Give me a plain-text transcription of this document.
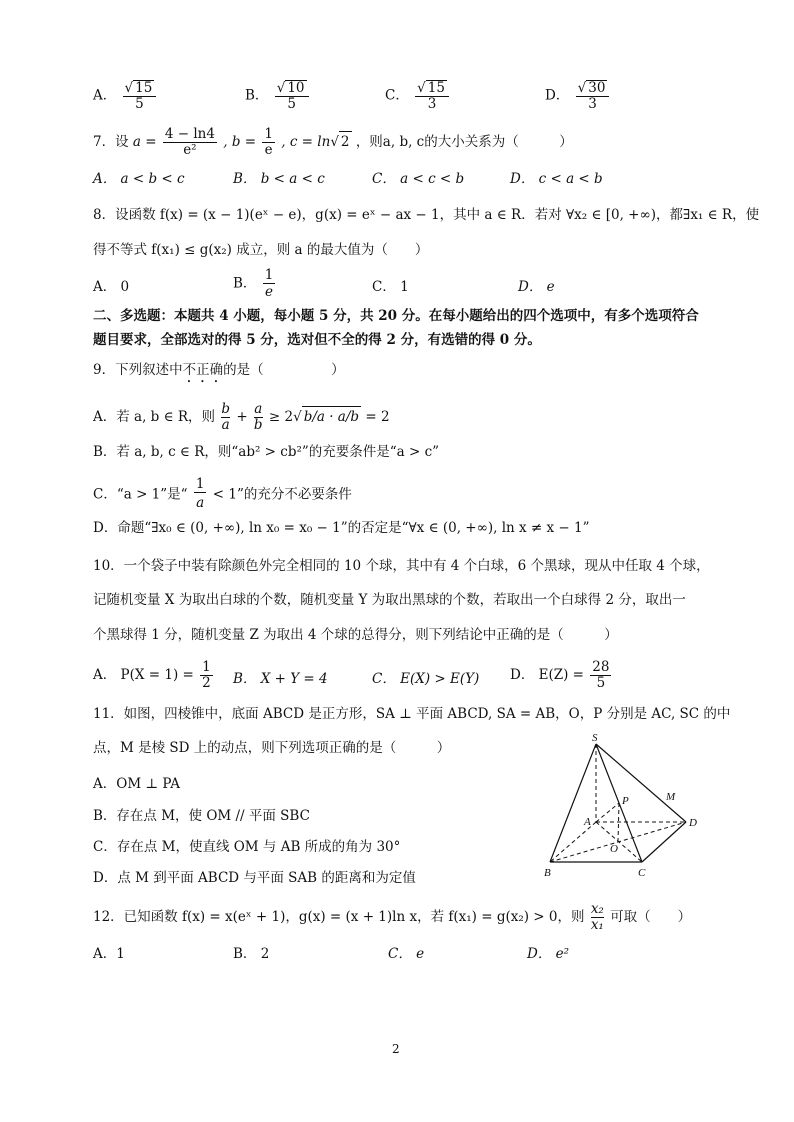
A． $\frac{√ 15}{5}$	B． $\frac{√ 10}{5}$	C． $\frac{√ 15}{3}$	D． $\frac{√ 30}{3}$
7．设 $a = \frac{4 - \ln 4}{\text{e²}}$ , $b = \frac{1}{e}$ , c = ln√ 2 ，则a, b, c的大小关系为（　　　）
A． a < b < c	B． b < a < c	C． a < c < b	D． c < a < b
8．设函数 f(x) = (x − 1)(eˣ − e)，g(x) = eˣ − ax − 1，其中 a ∈ R．若对 ∀x₂ ∈ [0, +∞)，都∃x₁ ∈ R，使
得不等式 f(x₁) ≤ g(x₂) 成立，则 a 的最大值为（　　）
A． 0	B． $\frac{1}{e}$	C． 1	D． e
二、多选题：本题共 4 小题，每小题 5 分，共 20 分。在每小题给出的四个选项中，有多个选项符合
题目要求，全部选对的得 5 分，选对但不全的得 2 分，有选错的得 0 分。
9．下列叙述中不正确的是（　　　　　）
A．若 a, b ∈ R，则 $\frac{b}{a} + \frac{a}{b} \ge 2√$ b/a · a/b = 2
B．若 a, b, c ∈ R，则“ab² > cb²”的充要条件是“a > c”
C．“a > 1”是“ $\frac{1}{a} < 1$”的充分不必要条件
D．命题“∃x₀ ∈ (0, +∞), ln x₀ = x₀ − 1”的否定是“∀x ∈ (0, +∞), ln x ≠ x − 1”
10．一个袋子中装有除颜色外完全相同的 10 个球，其中有 4 个白球，6 个黑球，现从中任取 4 个球，
记随机变量 X 为取出白球的个数，随机变量 Y 为取出黑球的个数，若取出一个白球得 2 分，取出一
个黑球得 1 分，随机变量 Z 为取出 4 个球的总得分，则下列结论中正确的是（　　　）
A． $P(X = 1) = \frac{1}{2}$ B． X + Y = 4	C． E(X) > E(Y) D． $E(Z) = \frac{28}{5}$
11．如图，四棱锥中，底面 ABCD 是正方形，SA ⊥ 平面 ABCD, SA = AB，O，P 分别是 AC, SC 的中
点，M 是棱 SD 上的动点，则下列选项正确的是（　　　）
A．OM ⊥ PA
B．存在点 M，使 OM // 平面 SBC
C．存在点 M，使直线 OM 与 AB 所成的角为 30°
D．点 M 到平面 ABCD 与平面 SAB 的距离和为定值
S
P	M
A	D
O
B	C
12．已知函数 f(x) = x(eˣ + 1)，g(x) = (x + 1)ln x，若 f(x₁) = g(x₂) > 0，则 $\frac{\text{x₂}}{\text{x₁}}$ 可取（　　）
A．1	B． 2	C． e	D． e²
2
